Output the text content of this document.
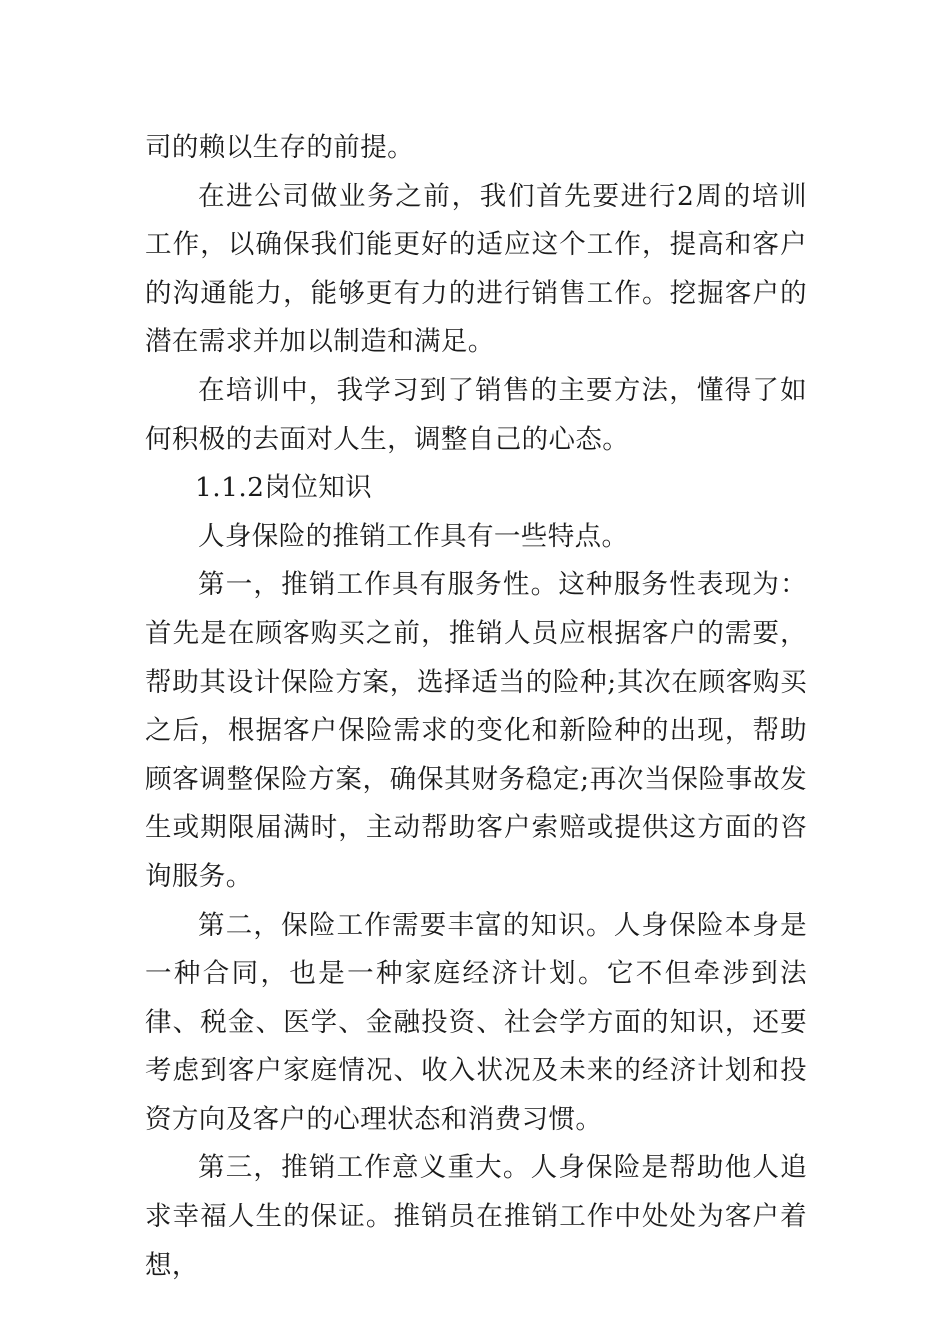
司的赖以生存的前提。

在进公司做业务之前，我们首先要进行2周的培训工作，以确保我们能更好的适应这个工作，提高和客户的沟通能力，能够更有力的进行销售工作。挖掘客户的潜在需求并加以制造和满足。

在培训中，我学习到了销售的主要方法，懂得了如何积极的去面对人生，调整自己的心态。

1.1.2岗位知识

人身保险的推销工作具有一些特点。

第一，推销工作具有服务性。这种服务性表现为：首先是在顾客购买之前，推销人员应根据客户的需要，帮助其设计保险方案，选择适当的险种;其次在顾客购买之后，根据客户保险需求的变化和新险种的出现，帮助顾客调整保险方案，确保其财务稳定;再次当保险事故发生或期限届满时，主动帮助客户索赔或提供这方面的咨询服务。

第二，保险工作需要丰富的知识。人身保险本身是一种合同，也是一种家庭经济计划。它不但牵涉到法律、税金、医学、金融投资、社会学方面的知识，还要考虑到客户家庭情况、收入状况及未来的经济计划和投资方向及客户的心理状态和消费习惯。

第三，推销工作意义重大。人身保险是帮助他人追求幸福人生的保证。推销员在推销工作中处处为客户着想，
